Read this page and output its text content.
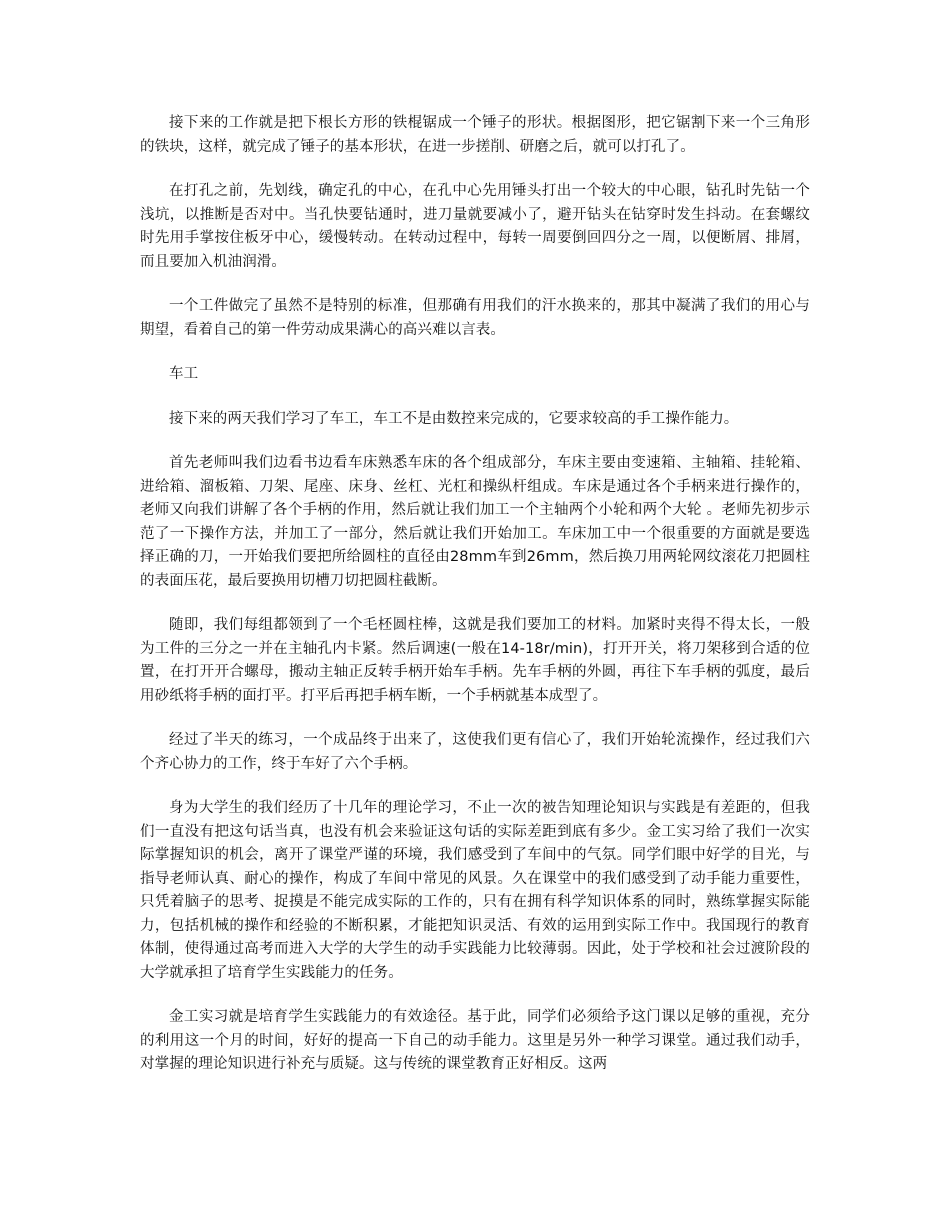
接下来的工作就是把下根长方形的铁棍锯成一个锤子的形状。根据图形，把它锯割下来一个三角形的铁块，这样，就完成了锤子的基本形状，在进一步搓削、研磨之后，就可以打孔了。

在打孔之前，先划线，确定孔的中心，在孔中心先用锤头打出一个较大的中心眼，钻孔时先钻一个浅坑，以推断是否对中。当孔快要钻通时，进刀量就要减小了，避开钻头在钻穿时发生抖动。在套螺纹时先用手掌按住板牙中心，缓慢转动。在转动过程中，每转一周要倒回四分之一周，以便断屑、排屑，而且要加入机油润滑。

一个工件做完了虽然不是特别的标准，但那确有用我们的汗水换来的，那其中凝满了我们的用心与期望，看着自己的第一件劳动成果满心的高兴难以言表。

车工

接下来的两天我们学习了车工，车工不是由数控来完成的，它要求较高的手工操作能力。

首先老师叫我们边看书边看车床熟悉车床的各个组成部分，车床主要由变速箱、主轴箱、挂轮箱、进给箱、溜板箱、刀架、尾座、床身、丝杠、光杠和操纵杆组成。车床是通过各个手柄来进行操作的，老师又向我们讲解了各个手柄的作用，然后就让我们加工一个主轴两个小轮和两个大轮 。老师先初步示范了一下操作方法，并加工了一部分，然后就让我们开始加工。车床加工中一个很重要的方面就是要选择正确的刀，一开始我们要把所给圆柱的直径由28mm车到26mm，然后换刀用两轮网纹滚花刀把圆柱的表面压花，最后要换用切槽刀切把圆柱截断。

随即，我们每组都领到了一个毛柸圆柱棒，这就是我们要加工的材料。加紧时夹得不得太长，一般为工件的三分之一并在主轴孔内卡紧。然后调速(一般在14-18r/min)，打开开关，将刀架移到合适的位置，在打开开合螺母，搬动主轴正反转手柄开始车手柄。先车手柄的外圆，再往下车手柄的弧度，最后用砂纸将手柄的面打平。打平后再把手柄车断，一个手柄就基本成型了。

经过了半天的练习，一个成品终于出来了，这使我们更有信心了，我们开始轮流操作，经过我们六个齐心协力的工作，终于车好了六个手柄。

身为大学生的我们经历了十几年的理论学习，不止一次的被告知理论知识与实践是有差距的，但我们一直没有把这句话当真，也没有机会来验证这句话的实际差距到底有多少。金工实习给了我们一次实际掌握知识的机会，离开了课堂严谨的环境，我们感受到了车间中的气氛。同学们眼中好学的目光，与指导老师认真、耐心的操作，构成了车间中常见的风景。久在课堂中的我们感受到了动手能力重要性，只凭着脑子的思考、捉摸是不能完成实际的工作的，只有在拥有科学知识体系的同时，熟练掌握实际能力，包括机械的操作和经验的不断积累，才能把知识灵活、有效的运用到实际工作中。我国现行的教育体制，使得通过高考而进入大学的大学生的动手实践能力比较薄弱。因此，处于学校和社会过渡阶段的大学就承担了培育学生实践能力的任务。

金工实习就是培育学生实践能力的有效途径。基于此，同学们必须给予这门课以足够的重视，充分的利用这一个月的时间，好好的提高一下自己的动手能力。这里是另外一种学习课堂。通过我们动手，对掌握的理论知识进行补充与质疑。这与传统的课堂教育正好相反。这两
